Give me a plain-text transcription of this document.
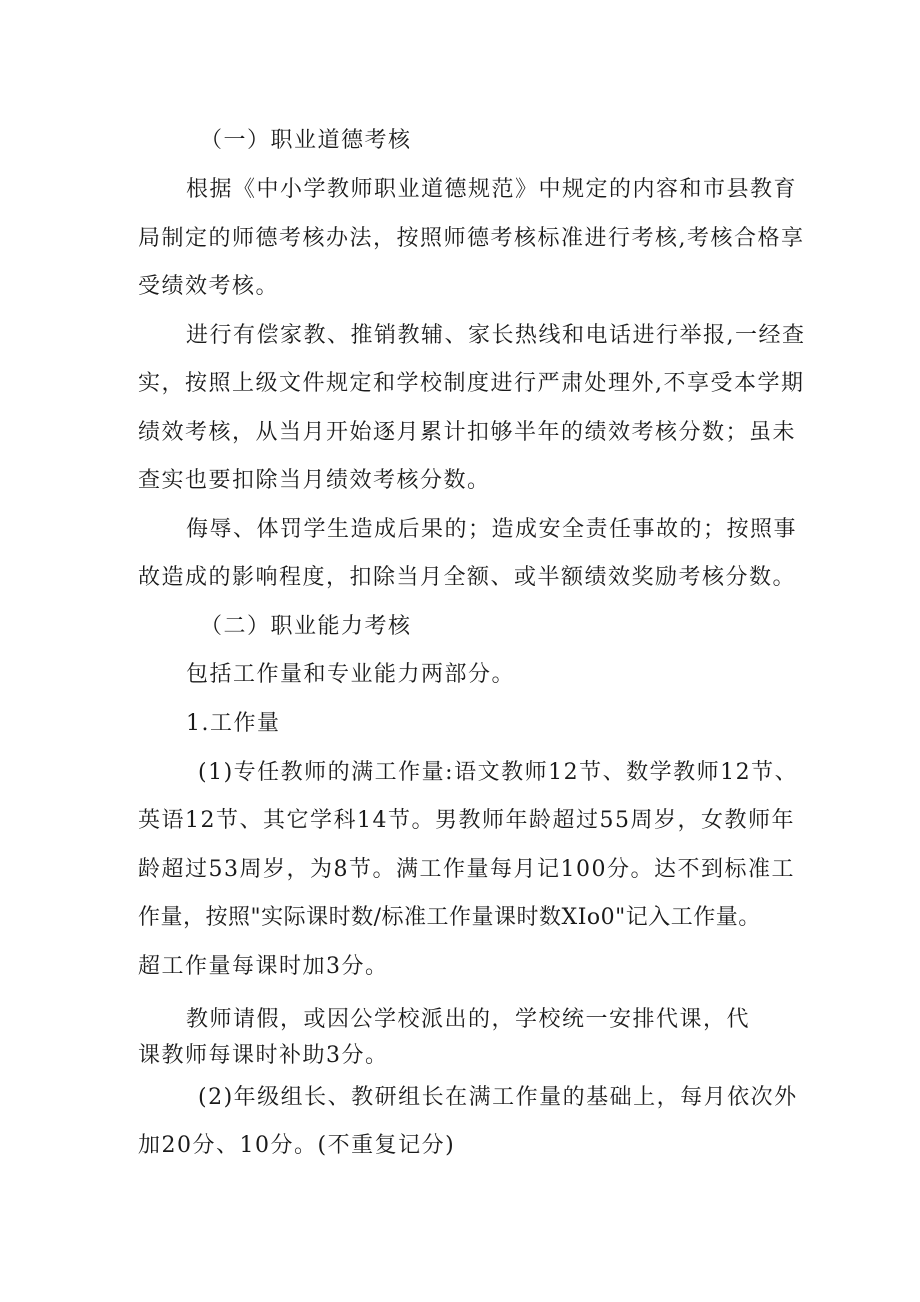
（一）职业道德考核
根据《中小学教师职业道德规范》中规定的内容和市县教育
局制定的师德考核办法，按照师德考核标准进行考核,考核合格享
受绩效考核。
进行有偿家教、推销教辅、家长热线和电话进行举报,一经查
实，按照上级文件规定和学校制度进行严肃处理外,不享受本学期
绩效考核，从当月开始逐月累计扣够半年的绩效考核分数；虽未
查实也要扣除当月绩效考核分数。
侮辱、体罚学生造成后果的；造成安全责任事故的；按照事
故造成的影响程度，扣除当月全额、或半额绩效奖励考核分数。
（二）职业能力考核
包括工作量和专业能力两部分。
1.工作量
(1)专任教师的满工作量:语文教师12节、数学教师12节、
英语12节、其它学科14节。男教师年龄超过55周岁，女教师年
龄超过53周岁，为8节。满工作量每月记100分。达不到标准工
作量，按照"实际课时数/标准工作量课时数XIo0"记入工作量。
超工作量每课时加3分。
教师请假，或因公学校派出的，学校统一安排代课，代
课教师每课时补助3分。
(2)年级组长、教研组长在满工作量的基础上，每月依次外
加20分、10分。(不重复记分)
